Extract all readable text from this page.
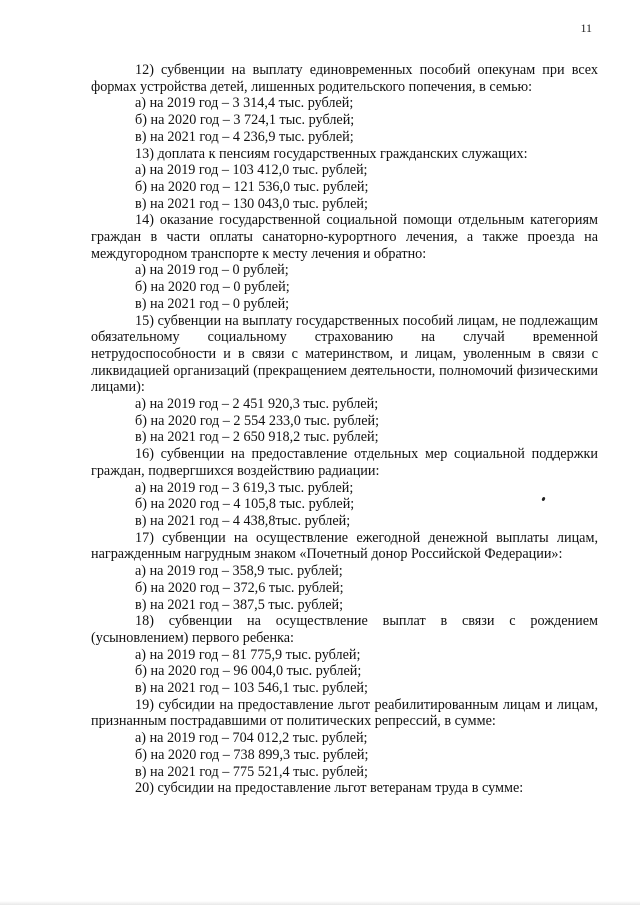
11

12) субвенции на выплату единовременных пособий опекунам при всех формах устройства детей, лишенных родительского попечения, в семью:

а) на 2019 год – 3 314,4 тыс. рублей;

б) на 2020 год – 3 724,1 тыс. рублей;

в) на 2021 год – 4 236,9 тыс. рублей;

13) доплата к пенсиям государственных гражданских служащих:

а) на 2019 год – 103 412,0 тыс. рублей;

б) на 2020 год – 121 536,0 тыс. рублей;

в) на 2021 год – 130 043,0 тыс. рублей;

14) оказание государственной социальной помощи отдельным категориям граждан в части оплаты санаторно-курортного лечения, а также проезда на междугородном транспорте к месту лечения и обратно:

а) на 2019 год – 0 рублей;

б) на 2020 год – 0 рублей;

в) на 2021 год – 0 рублей;

15) субвенции на выплату государственных пособий лицам, не подлежащим обязательному социальному страхованию на случай временной нетрудоспособности и в связи с материнством, и лицам, уволенным в связи с ликвидацией организаций (прекращением деятельности, полномочий физическими лицами):

а) на 2019 год – 2 451 920,3 тыс. рублей;

б) на 2020 год – 2 554 233,0 тыс. рублей;

в) на 2021 год – 2 650 918,2 тыс. рублей;

16) субвенции на предоставление отдельных мер социальной поддержки граждан, подвергшихся воздействию радиации:

а) на 2019 год – 3 619,3 тыс. рублей;

б) на 2020 год – 4 105,8 тыс. рублей;

в) на 2021 год – 4 438,8тыс. рублей;

17) субвенции на осуществление ежегодной денежной выплаты лицам, награжденным нагрудным знаком «Почетный донор Российской Федерации»:

а) на 2019 год – 358,9 тыс. рублей;

б) на 2020 год – 372,6 тыс. рублей;

в) на 2021 год – 387,5 тыс. рублей;

18) субвенции на осуществление выплат в связи с рождением (усыновлением) первого ребенка:

а) на 2019 год – 81 775,9 тыс. рублей;

б) на 2020 год – 96 004,0 тыс. рублей;

в) на 2021 год – 103 546,1 тыс. рублей;

19) субсидии на предоставление льгот реабилитированным лицам и лицам, признанным пострадавшими от политических репрессий, в сумме:

а) на 2019 год – 704 012,2 тыс. рублей;

б) на 2020 год – 738 899,3 тыс. рублей;

в) на 2021 год – 775 521,4 тыс. рублей;

20) субсидии на предоставление льгот ветеранам труда в сумме:
